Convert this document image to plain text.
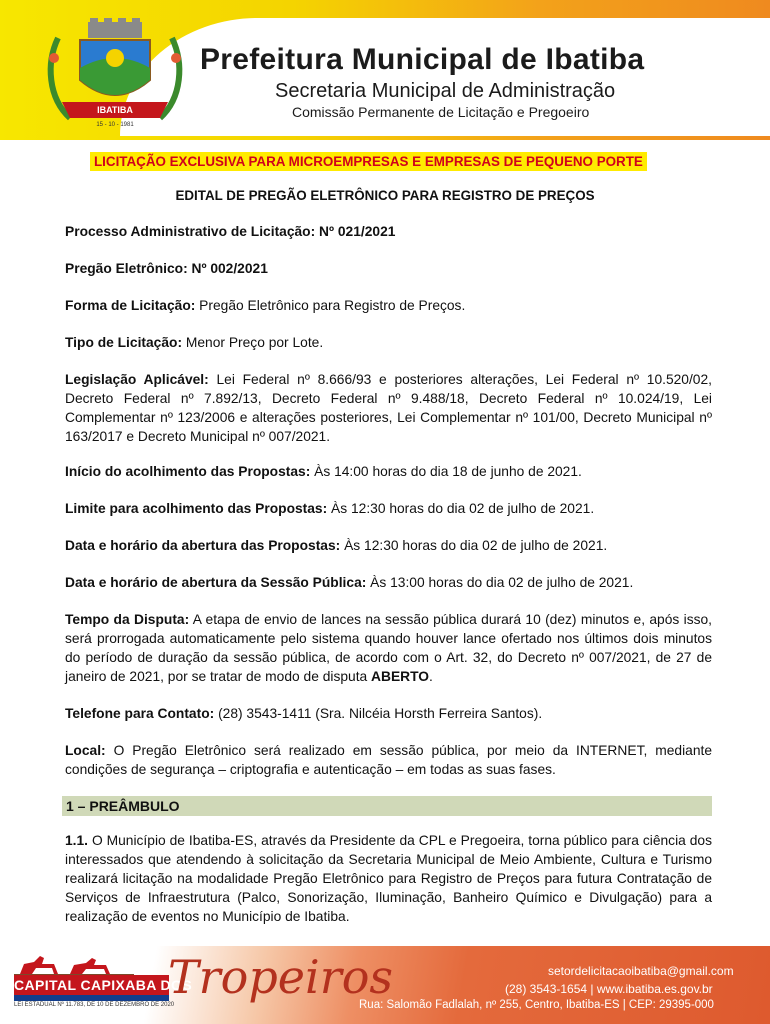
IBATIBA
15 - 10 - 1981
Prefeitura Municipal de Ibatiba
Secretaria Municipal de Administração
Comissão Permanente de Licitação e Pregoeiro
LICITAÇÃO EXCLUSIVA PARA MICROEMPRESAS E EMPRESAS DE PEQUENO PORTE
EDITAL DE PREGÃO ELETRÔNICO PARA REGISTRO DE PREÇOS
Processo Administrativo de Licitação: Nº 021/2021
Pregão Eletrônico: Nº 002/2021
Forma de Licitação: Pregão Eletrônico para Registro de Preços.
Tipo de Licitação: Menor Preço por Lote.
Legislação Aplicável: Lei Federal nº 8.666/93 e posteriores alterações, Lei Federal nº 10.520/02, Decreto Federal nº 7.892/13, Decreto Federal nº 9.488/18, Decreto Federal nº 10.024/19, Lei Complementar nº 123/2006 e alterações posteriores, Lei Complementar nº 101/00, Decreto Municipal nº 163/2017 e Decreto Municipal nº 007/2021.
Início do acolhimento das Propostas: Às 14:00 horas do dia 18 de junho de 2021.
Limite para acolhimento das Propostas: Às 12:30 horas do dia 02 de julho de 2021.
Data e horário da abertura das Propostas: Às 12:30 horas do dia 02 de julho de 2021.
Data e horário de abertura da Sessão Pública: Às 13:00 horas do dia 02 de julho de 2021.
Tempo da Disputa: A etapa de envio de lances na sessão pública durará 10 (dez) minutos e, após isso, será prorrogada automaticamente pelo sistema quando houver lance ofertado nos últimos dois minutos do período de duração da sessão pública, de acordo com o Art. 32, do Decreto nº 007/2021, de 27 de janeiro de 2021, por se tratar de modo de disputa ABERTO.
Telefone para Contato: (28) 3543-1411 (Sra. Nilcéia Horsth Ferreira Santos).
Local: O Pregão Eletrônico será realizado em sessão pública, por meio da INTERNET, mediante condições de segurança – criptografia e autenticação – em todas as suas fases.
1 – PREÂMBULO
1.1. O Município de Ibatiba-ES, através da Presidente da CPL e Pregoeira, torna público para ciência dos interessados que atendendo à solicitação da Secretaria Municipal de Meio Ambiente, Cultura e Turismo realizará licitação na modalidade Pregão Eletrônico para Registro de Preços para futura Contratação de Serviços de Infraestrutura (Palco, Sonorização, Iluminação, Banheiro Químico e Divulgação) para a realização de eventos no Município de Ibatiba.
CAPITAL CAPIXABA DOS
LEI ESTADUAL Nº 11.783, DE 10 DE DEZEMBRO DE 2020
Tropeiros	setordelicitacaoibatiba@gmail.com
(28) 3543-1654 | www.ibatiba.es.gov.br
Rua: Salomão Fadlalah, nº 255, Centro, Ibatiba-ES | CEP: 29395-000
